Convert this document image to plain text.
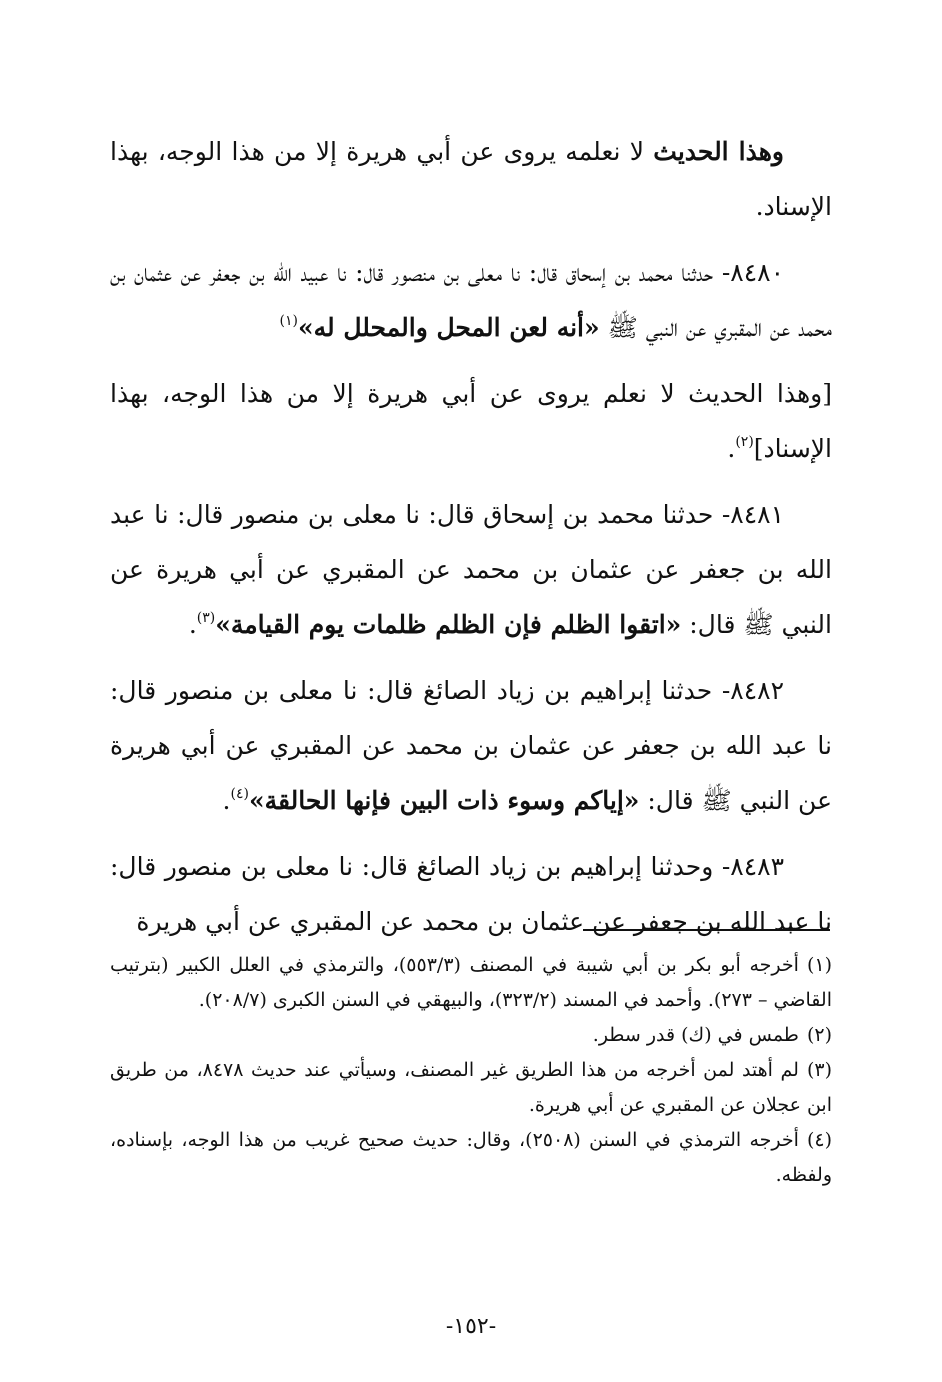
وهذا الحديث لا نعلمه يروى عن أبي هريرة إلا من هذا الوجه، بهذا الإسناد.

٨٤٨٠- حدثنا محمد بن إسحاق قال: نا معلى بن منصور قال: نا عبيد الله بن جعفر عن عثمان بن محمد عن المقبري عن النبي ﷺ «أنه لعن المحل والمحلل له»$^{(١)}$

[وهذا الحديث لا نعلم يروى عن أبي هريرة إلا من هذا الوجه، بهذا الإسناد]$^{(٢)}$.

٨٤٨١- حدثنا محمد بن إسحاق قال: نا معلى بن منصور قال: نا عبد الله بن جعفر عن عثمان بن محمد عن المقبري عن أبي هريرة عن النبي ﷺ قال: «اتقوا الظلم فإن الظلم ظلمات يوم القيامة»$^{(٣)}$.

٨٤٨٢- حدثنا إبراهيم بن زياد الصائغ قال: نا معلى بن منصور قال: نا عبد الله بن جعفر عن عثمان بن محمد عن المقبري عن أبي هريرة عن النبي ﷺ قال: «إياكم وسوء ذات البين فإنها الحالقة»$^{(٤)}$.

٨٤٨٣- وحدثنا إبراهيم بن زياد الصائغ قال: نا معلى بن منصور قال: نا عبد الله بن جعفر عن عثمان بن محمد عن المقبري عن أبي هريرة

(١)أخرجه أبو بكر بن أبي شيبة في المصنف (٥٥٣/٣)، والترمذي في العلل الكبير (بترتيب القاضي – ٢٧٣). وأحمد في المسند (٣٢٣/٢)، والبيهقي في السنن الكبرى (٢٠٨/٧).

(٢)طمس في (ك) قدر سطر.

(٣)لم أهتد لمن أخرجه من هذا الطريق غير المصنف، وسيأتي عند حديث ٨٤٧٨، من طريق ابن عجلان عن المقبري عن أبي هريرة.

(٤)أخرجه الترمذي في السنن (٢٥٠٨)، وقال: حديث صحيح غريب من هذا الوجه، بإسناده، ولفظه.

-١٥٢-
